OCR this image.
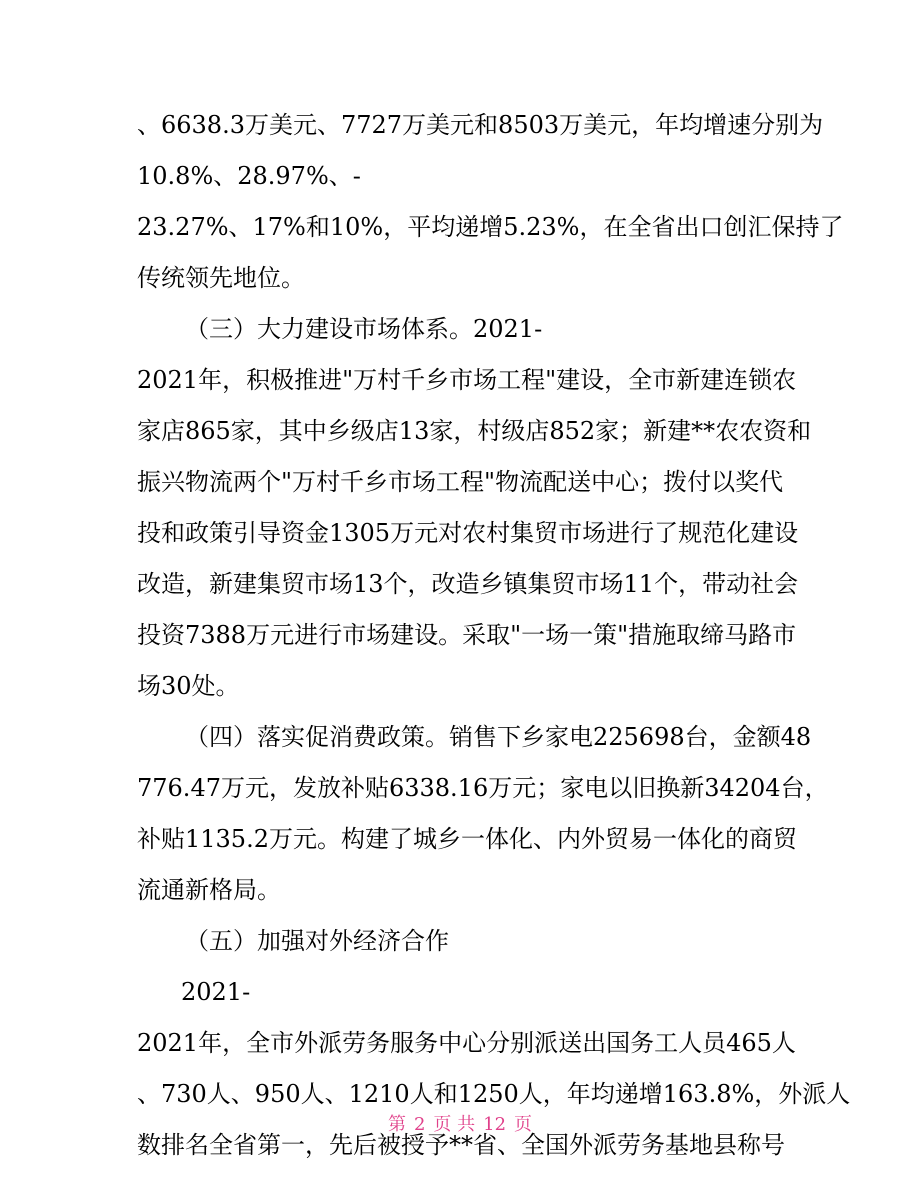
、6638.3万美元、7727万美元和8503万美元，年均增速分别为
10.8%、28.97%、-
23.27%、17%和10%，平均递增5.23%，在全省出口创汇保持了
传统领先地位。
（三）大力建设市场体系。2021-
2021年，积极推进"万村千乡市场工程"建设，全市新建连锁农
家店865家，其中乡级店13家，村级店852家；新建**农农资和
振兴物流两个"万村千乡市场工程"物流配送中心；拨付以奖代
投和政策引导资金1305万元对农村集贸市场进行了规范化建设
改造，新建集贸市场13个，改造乡镇集贸市场11个，带动社会
投资7388万元进行市场建设。采取"一场一策"措施取缔马路市
场30处。
（四）落实促消费政策。销售下乡家电225698台，金额48
776.47万元，发放补贴6338.16万元；家电以旧换新34204台，
补贴1135.2万元。构建了城乡一体化、内外贸易一体化的商贸
流通新格局。
（五）加强对外经济合作
2021-
2021年，全市外派劳务服务中心分别派送出国务工人员465人
、730人、950人、1210人和1250人，年均递增163.8%，外派人
数排名全省第一，先后被授予**省、全国外派劳务基地县称号
第 2 页 共 12 页
